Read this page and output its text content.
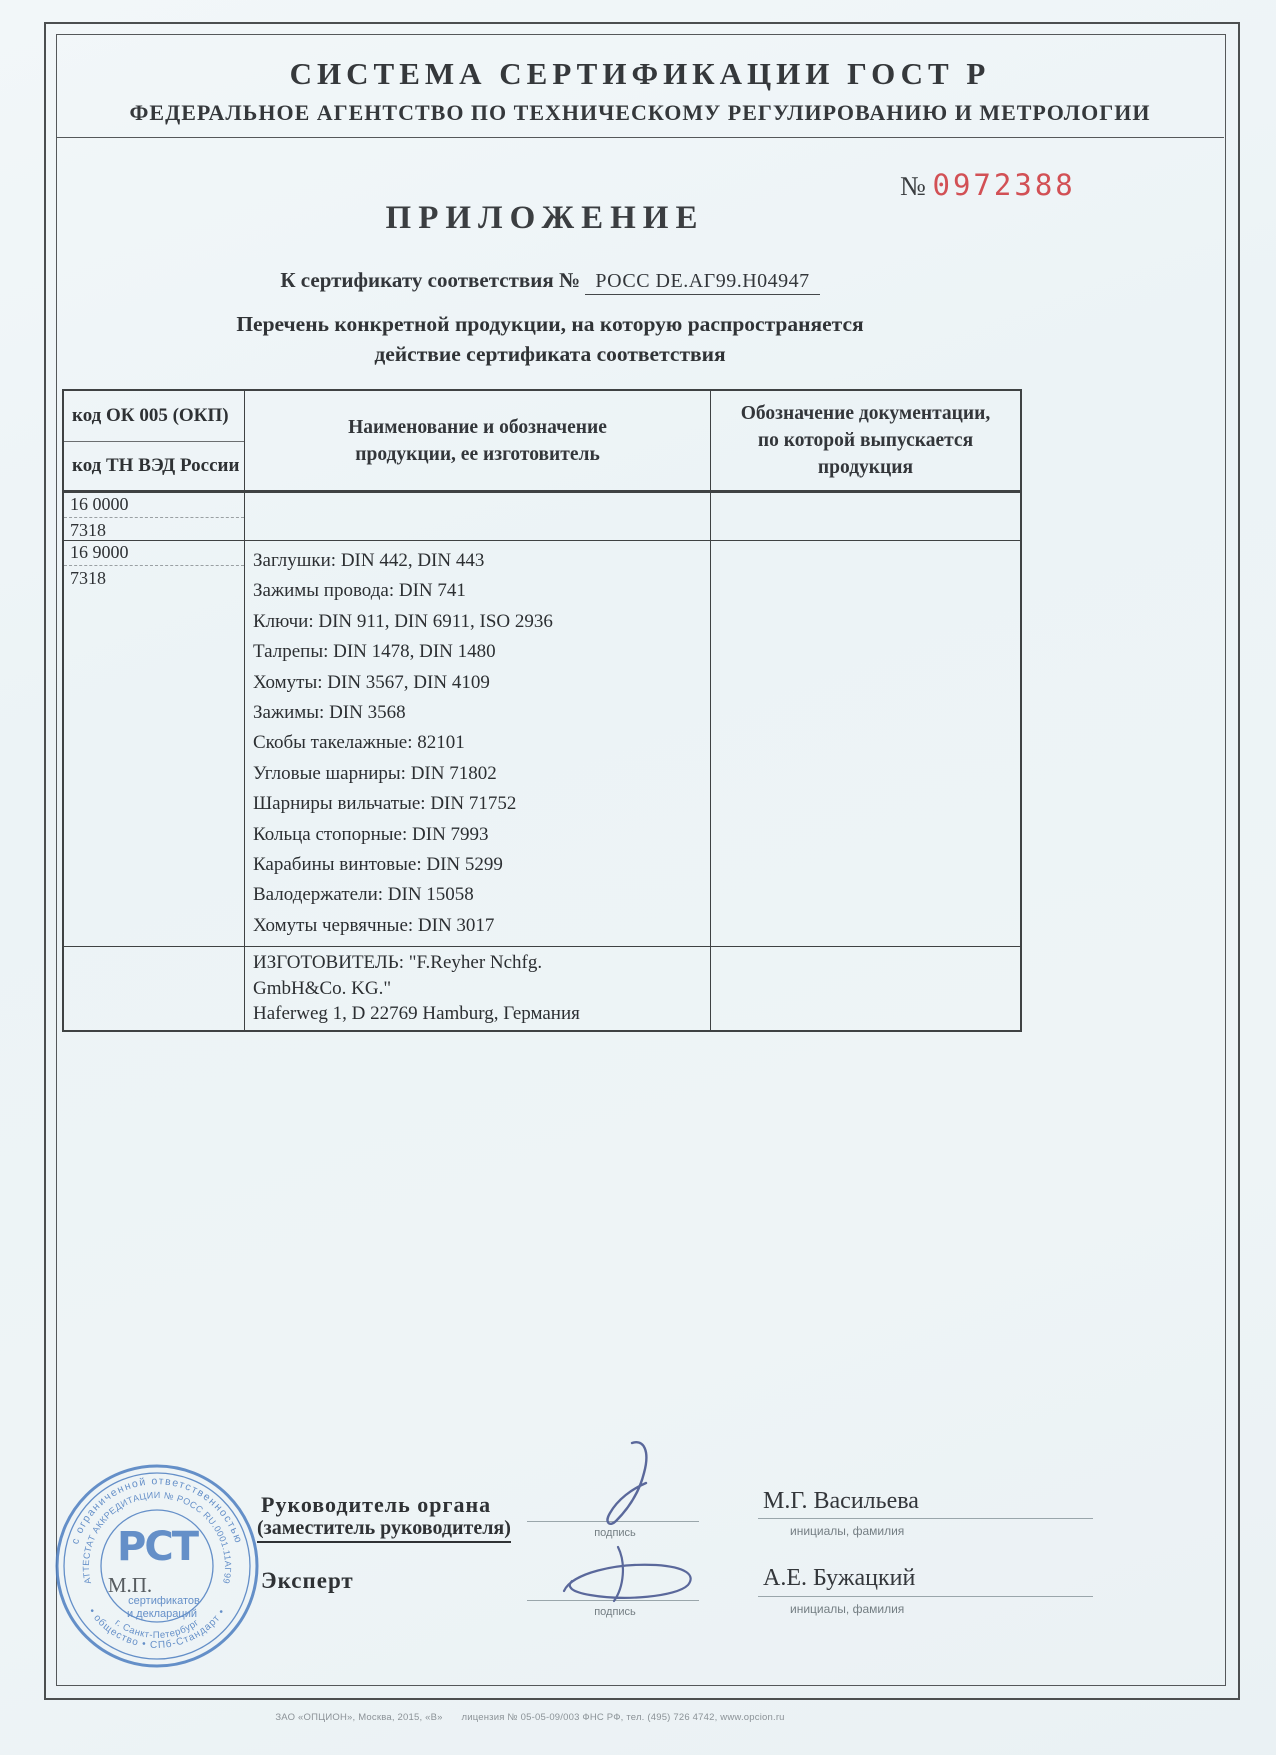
СИСТЕМА СЕРТИФИКАЦИИ ГОСТ Р
ФЕДЕРАЛЬНОЕ АГЕНТСТВО ПО ТЕХНИЧЕСКОМУ РЕГУЛИРОВАНИЮ И МЕТРОЛОГИИ
№ 0972388
ПРИЛОЖЕНИЕ
К сертификату соответствия № РОСС DE.АГ99.Н04947
Перечень конкретной продукции, на которую распространяется
действие сертификата соответствия
код ОК 005 (ОКП)
код ТН ВЭД России
Наименование и обозначение
продукции, ее изготовитель
Обозначение документации,
по которой выпускается продукция
16 0000
7318
16 9000
7318
Заглушки: DIN 442, DIN 443
Зажимы провода: DIN 741
Ключи: DIN 911, DIN 6911, ISO 2936
Талрепы: DIN 1478, DIN 1480
Хомуты: DIN 3567, DIN 4109
Зажимы: DIN 3568
Скобы такелажные: 82101
Угловые шарниры: DIN 71802
Шарниры вильчатые: DIN 71752
Кольца стопорные: DIN 7993
Карабины винтовые: DIN 5299
Валодержатели: DIN 15058
Хомуты червячные: DIN 3017
ИЗГОТОВИТЕЛЬ: "F.Reyher Nchfg.
GmbH&Co. KG."
Haferweg 1, D 22769 Hamburg, Германия
Руководитель органа
(заместитель руководителя)
Эксперт
подпись
подпись
инициалы, фамилия
инициалы, фамилия
М.Г. Васильева
А.Е. Бужацкий
с ограниченной ответственностью
АТТЕСТАТ АККРЕДИТАЦИИ № РОСС RU.0001.11АГ99
• общество • СПб-Стандарт •
г. Санкт-Петербург
РСТ
М.П.
сертификатов
и деклараций
ЗАО «ОПЦИОН», Москва, 2015, «В» лицензия № 05-05-09/003 ФНС РФ, тел. (495) 726 4742, www.opcion.ru
